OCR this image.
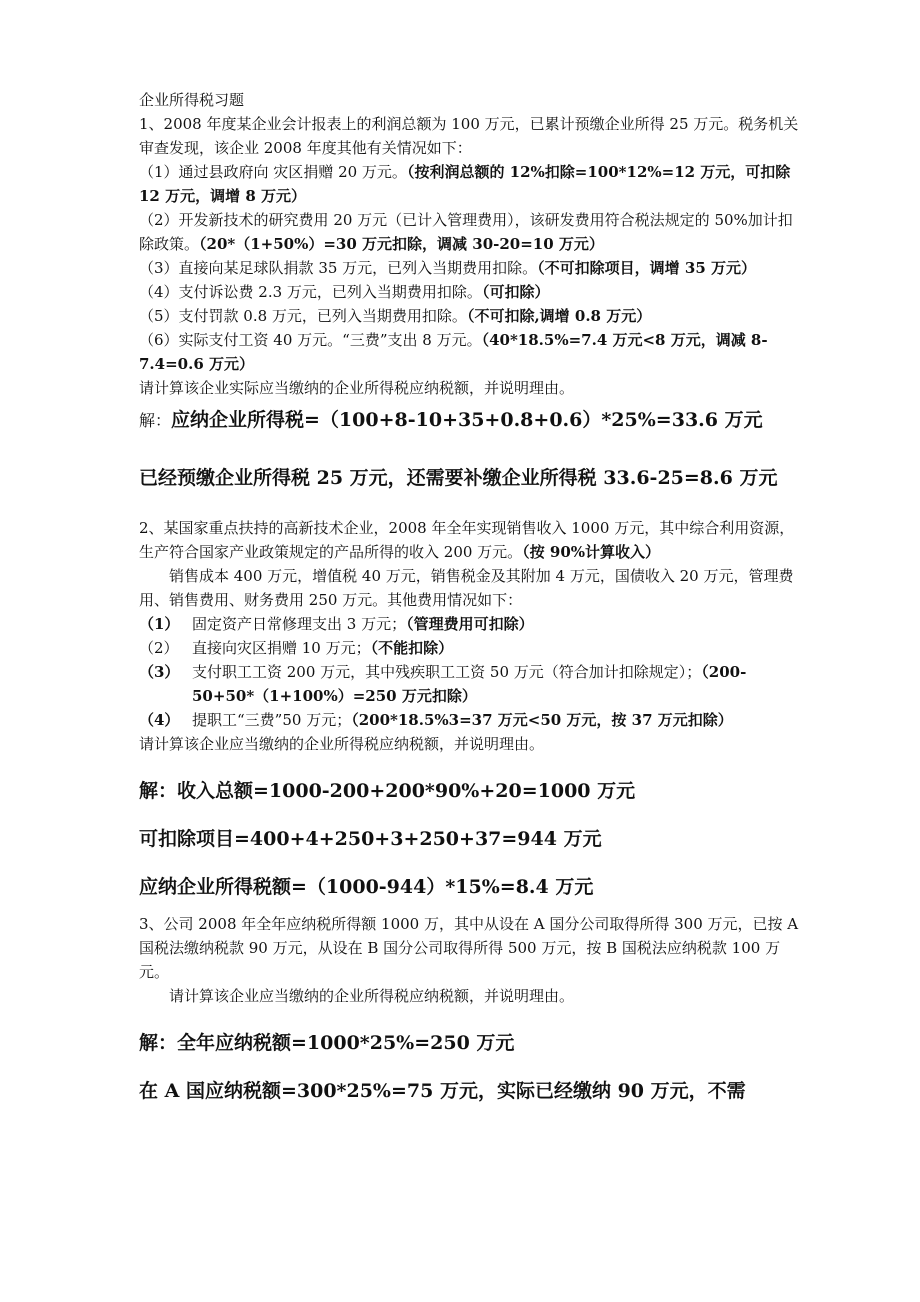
企业所得税习题

1、2008 年度某企业会计报表上的利润总额为 100 万元，已累计预缴企业所得 25 万元。税务机关审查发现，该企业 2008 年度其他有关情况如下：

（1）通过县政府向 灾区捐赠 20 万元。（按利润总额的 12%扣除=100*12%=12 万元，可扣除 12 万元，调增 8 万元）

（2）开发新技术的研究费用 20 万元（已计入管理费用），该研发费用符合税法规定的 50%加计扣除政策。（20*（1+50%）=30 万元扣除，调减 30-20=10 万元）

（3）直接向某足球队捐款 35 万元，已列入当期费用扣除。（不可扣除项目，调增 35 万元）

（4）支付诉讼费 2.3 万元，已列入当期费用扣除。（可扣除）

（5）支付罚款 0.8 万元，已列入当期费用扣除。（不可扣除,调增 0.8 万元）

（6）实际支付工资 40 万元。“三费”支出 8 万元。（40*18.5%=7.4 万元<8 万元，调减 8-7.4=0.6 万元）

请计算该企业实际应当缴纳的企业所得税应纳税额，并说明理由。

解：应纳企业所得税=（100+8-10+35+0.8+0.6）*25%=33.6 万元

已经预缴企业所得税 25 万元，还需要补缴企业所得税 33.6-25=8.6 万元

2、某国家重点扶持的高新技术企业，2008 年全年实现销售收入 1000 万元，其中综合利用资源，生产符合国家产业政策规定的产品所得的收入 200 万元。（按 90%计算收入）

销售成本 400 万元，增值税 40 万元，销售税金及其附加 4 万元，国债收入 20 万元，管理费用、销售费用、财务费用 250 万元。其他费用情况如下：

（1） 固定资产日常修理支出 3 万元；（管理费用可扣除）
（2） 直接向灾区捐赠 10 万元；（不能扣除）
（3） 支付职工工资 200 万元，其中残疾职工工资 50 万元（符合加计扣除规定）；（200-50+50*（1+100%）=250 万元扣除）
（4） 提职工“三费”50 万元；（200*18.5%3=37 万元<50 万元，按 37 万元扣除）

请计算该企业应当缴纳的企业所得税应纳税额，并说明理由。

解：收入总额=1000-200+200*90%+20=1000 万元

可扣除项目=400+4+250+3+250+37=944 万元

应纳企业所得税额=（1000-944）*15%=8.4 万元

3、公司 2008 年全年应纳税所得额 1000 万，其中从设在 A 国分公司取得所得 300 万元，已按 A 国税法缴纳税款 90 万元，从设在 B 国分公司取得所得 500 万元，按 B 国税法应纳税款 100 万元。

请计算该企业应当缴纳的企业所得税应纳税额，并说明理由。

解：全年应纳税额=1000*25%=250 万元

在 A 国应纳税额=300*25%=75 万元，实际已经缴纳 90 万元，不需
